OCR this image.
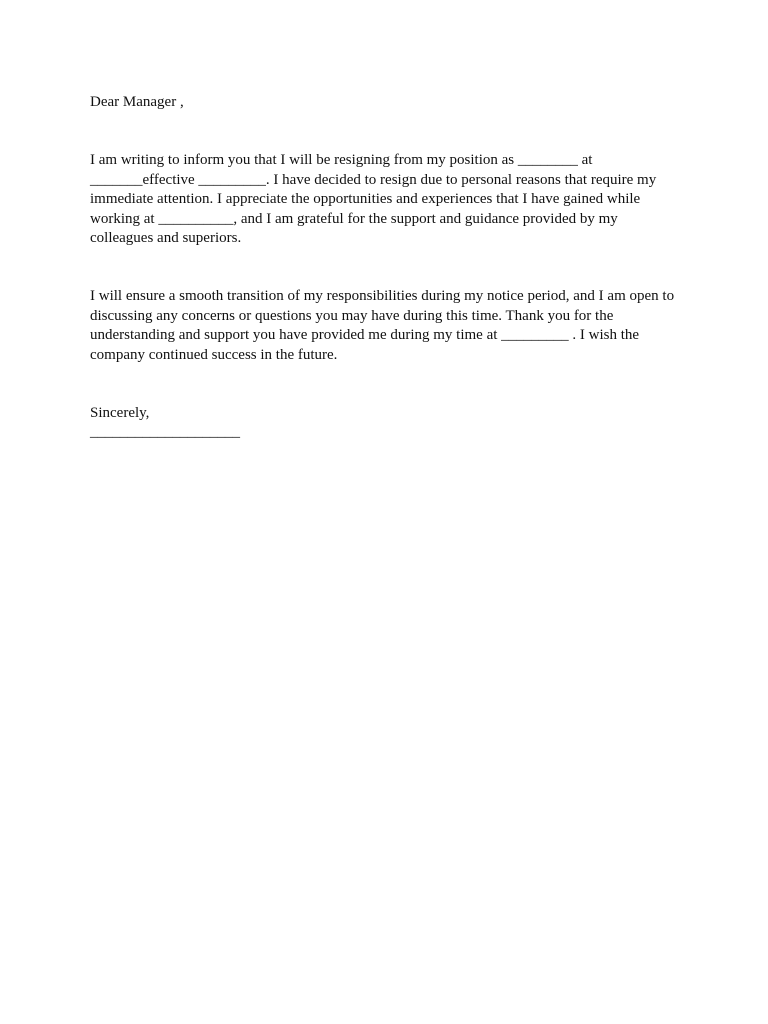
Dear Manager ,

I am writing to inform you that I will be resigning from my position as ________ at _______effective _________. I have decided to resign due to personal reasons that require my immediate attention. I appreciate the opportunities and experiences that I have gained while working at __________, and I am grateful for the support and guidance provided by my colleagues and superiors.

I will ensure a smooth transition of my responsibilities during my notice period, and I am open to discussing any concerns or questions you may have during this time. Thank you for the understanding and support you have provided me during my time at _________ . I wish the company continued success in the future.

Sincerely,

____________________
